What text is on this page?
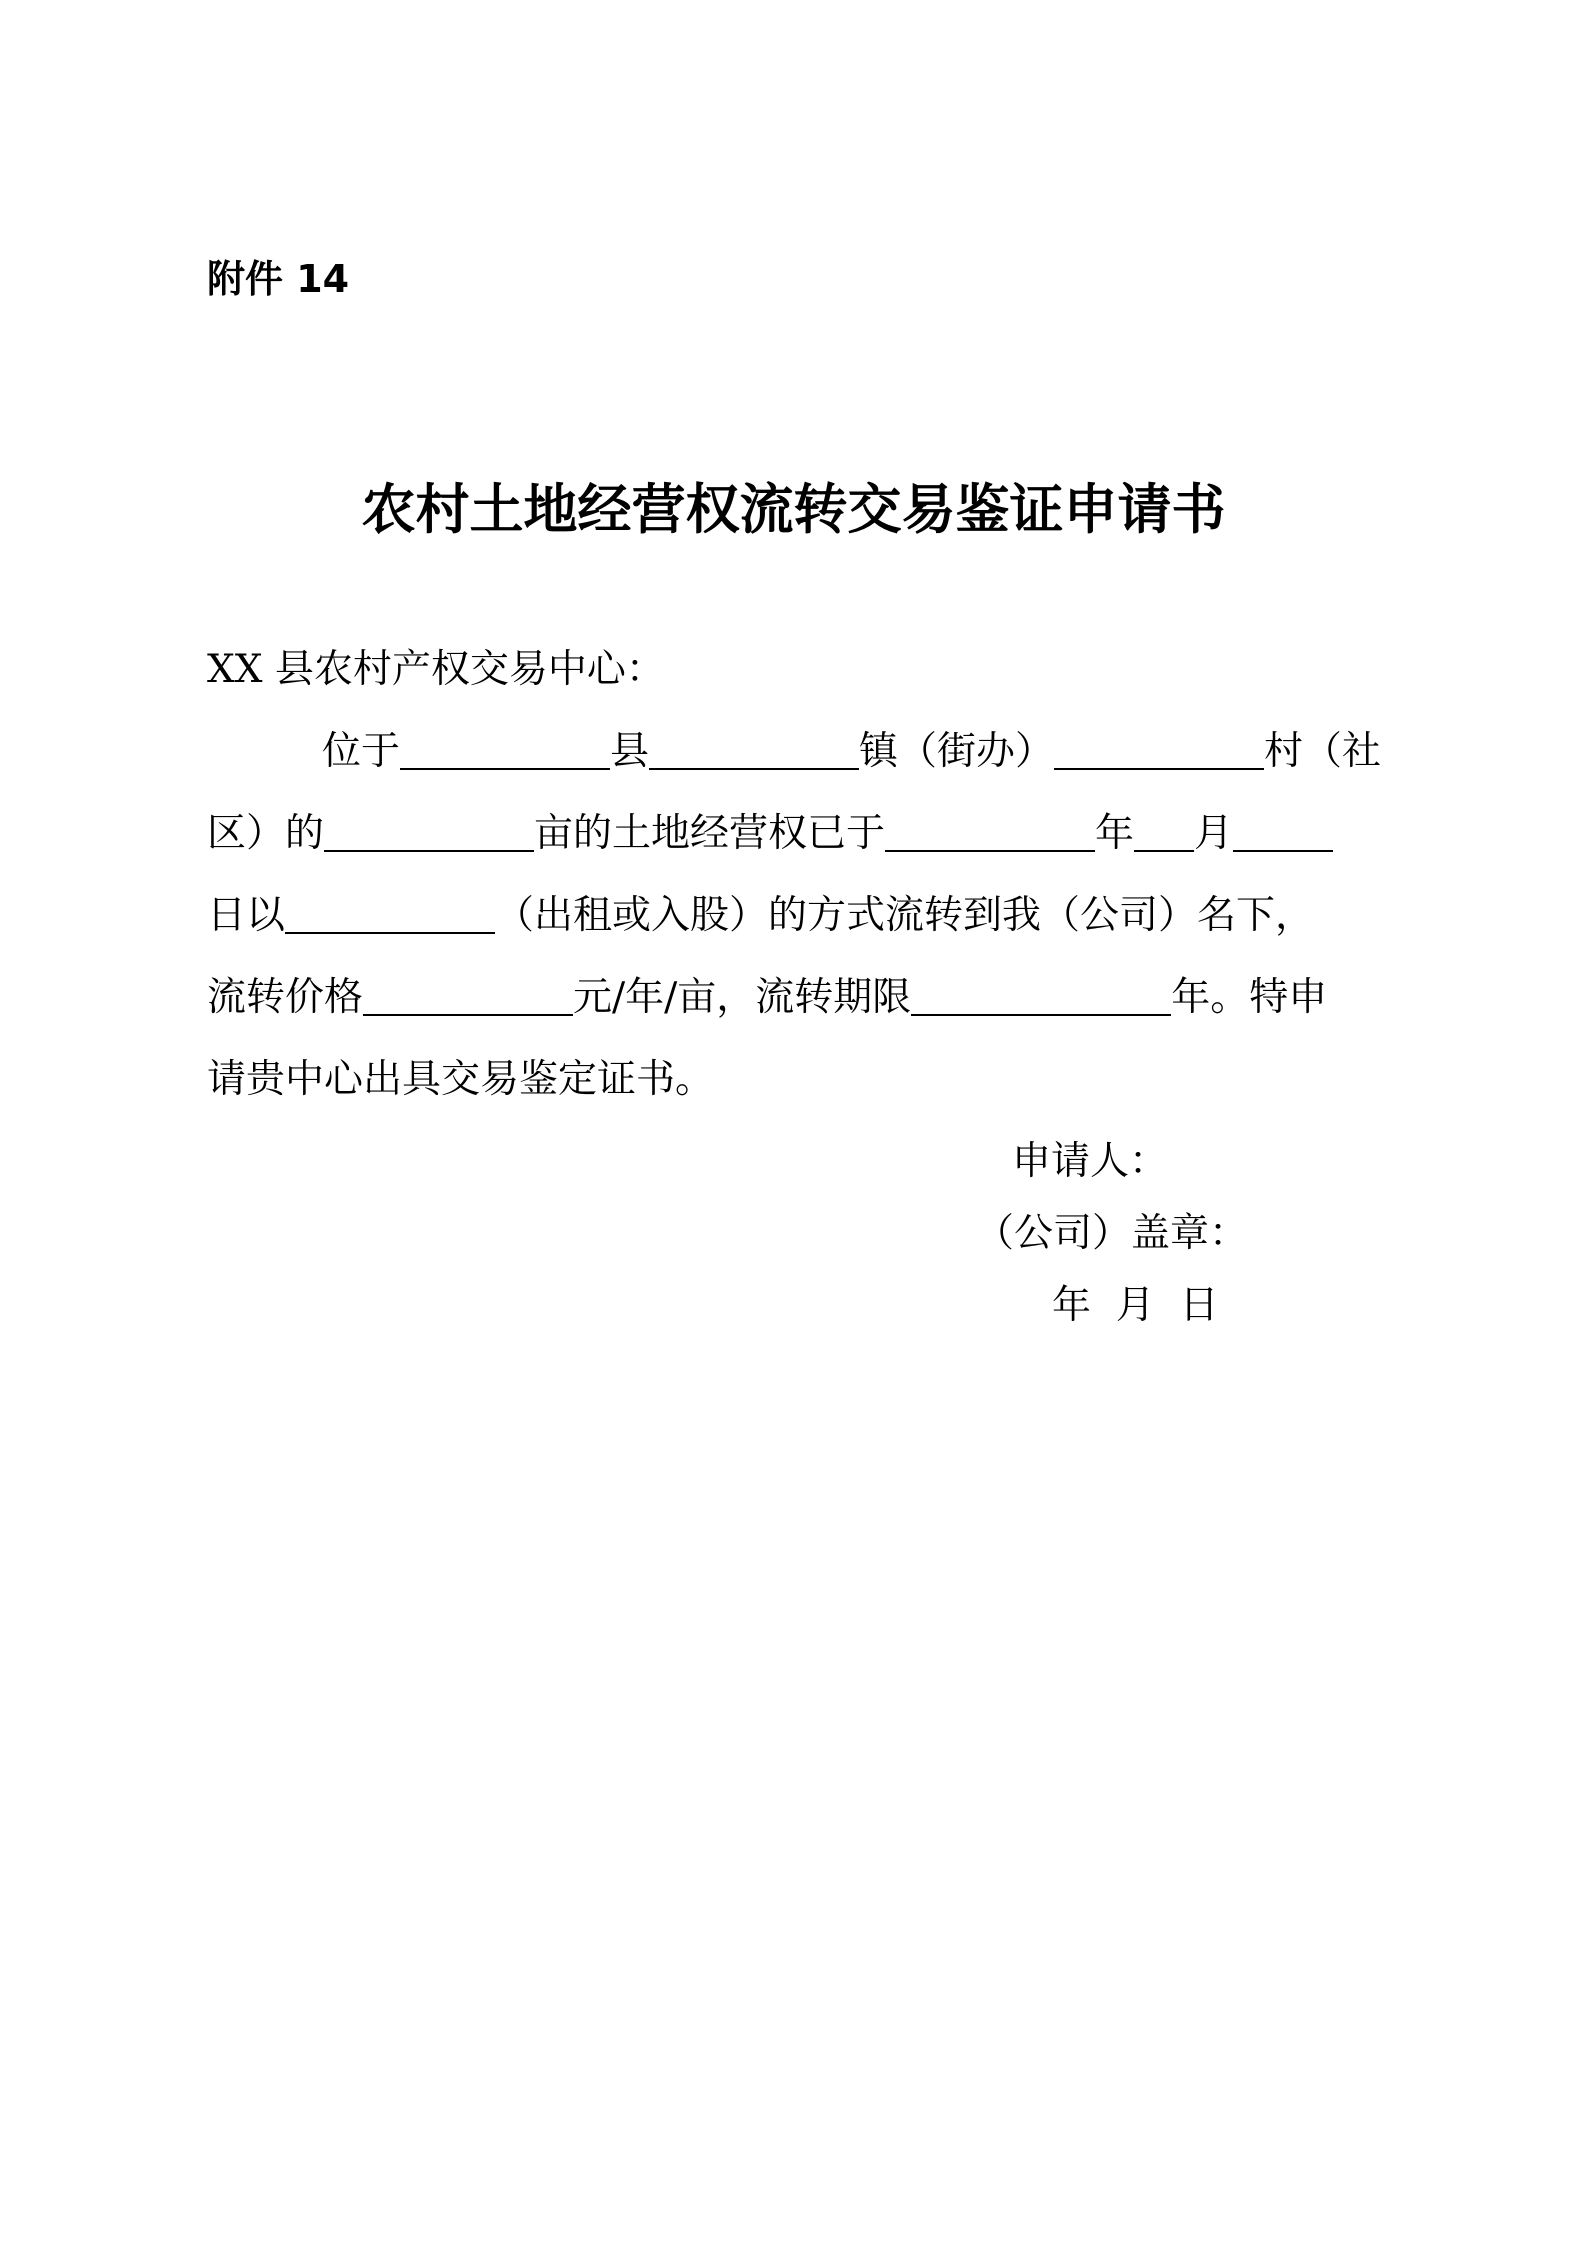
附件 14
农村土地经营权流转交易鉴证申请书
XX 县农村产权交易中心：
位于	县	镇（街办）	村（社
区）的	亩的土地经营权已于	年 月
日以	（出租或入股）的方式流转到我（公司）名下，
流转价格	元/年/亩，流转期限	年。特申
请贵中心出具交易鉴定证书。
申请人：
（公司）盖章：
年  月  日
